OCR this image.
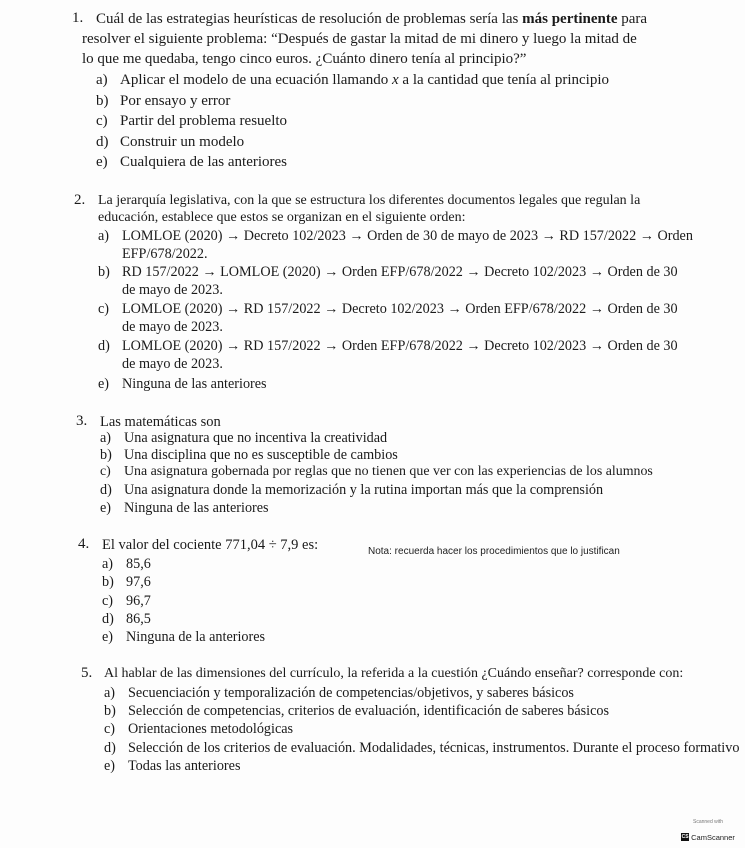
1. Cuál de las estrategias heurísticas de resolución de problemas sería las más pertinente para
resolver el siguiente problema: “Después de gastar la mitad de mi dinero y luego la mitad de
lo que me quedaba, tengo cinco euros. ¿Cuánto dinero tenía al principio?”
a) Aplicar el modelo de una ecuación llamando x a la cantidad que tenía al principio
b) Por ensayo y error
c) Partir del problema resuelto
d) Construir un modelo
e) Cualquiera de las anteriores
2. La jerarquía legislativa, con la que se estructura los diferentes documentos legales que regulan la
educación, establece que estos se organizan en el siguiente orden:
a) LOMLOE (2020) → Decreto 102/2023 → Orden de 30 de mayo de 2023 → RD 157/2022 → Orden
EFP/678/2022.
b) RD 157/2022 → LOMLOE (2020) → Orden EFP/678/2022 → Decreto 102/2023 → Orden de 30
de mayo de 2023.
c) LOMLOE (2020) → RD 157/2022 → Decreto 102/2023 → Orden EFP/678/2022 → Orden de 30
de mayo de 2023.
d) LOMLOE (2020) → RD 157/2022 → Orden EFP/678/2022 → Decreto 102/2023 → Orden de 30
de mayo de 2023.
e) Ninguna de las anteriores
3. Las matemáticas son
a) Una asignatura que no incentiva la creatividad
b) Una disciplina que no es susceptible de cambios
c) Una asignatura gobernada por reglas que no tienen que ver con las experiencias de los alumnos
d) Una asignatura donde la memorización y la rutina importan más que la comprensión
e) Ninguna de las anteriores
4. El valor del cociente 771,04 ÷ 7,9 es:	Nota: recuerda hacer los procedimientos que lo justifican
a) 85,6
b) 97,6
c) 96,7
d) 86,5
e) Ninguna de la anteriores
5. Al hablar de las dimensiones del currículo, la referida a la cuestión ¿Cuándo enseñar? corresponde con:
a) Secuenciación y temporalización de competencias/objetivos, y saberes básicos
b) Selección de competencias, criterios de evaluación, identificación de saberes básicos
c) Orientaciones metodológicas
d) Selección de los criterios de evaluación. Modalidades, técnicas, instrumentos. Durante el proceso formativo
e) Todas las anteriores
Scanned with
CS CamScanner
